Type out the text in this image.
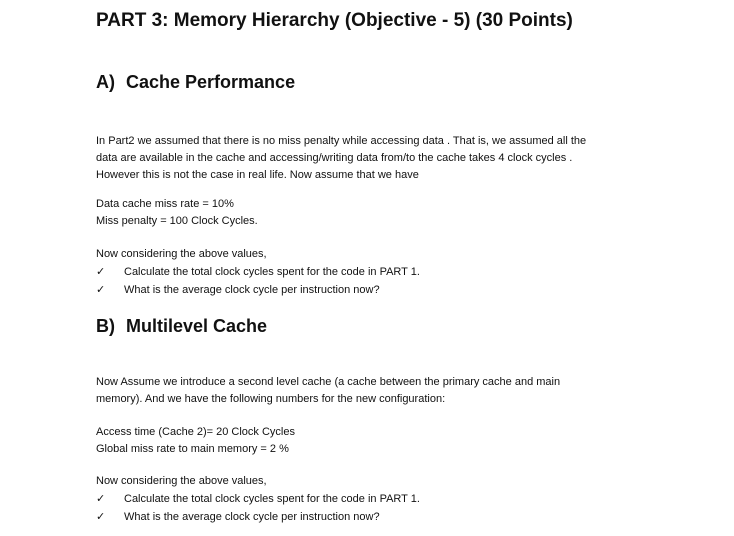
PART 3: Memory Hierarchy (Objective - 5) (30 Points)
A) Cache Performance

In Part2 we assumed that there is no miss penalty while accessing data . That is, we assumed all the
data are available in the cache and accessing/writing data from/to the cache takes 4 clock cycles .
However this is not the case in real life. Now assume that we have

Data cache miss rate = 10%
Miss penalty = 100 Clock Cycles.

Now considering the above values,

✓ Calculate the total clock cycles spent for the code in PART 1.
✓ What is the average clock cycle per instruction now?
B) Multilevel Cache

Now Assume we introduce a second level cache (a cache between the primary cache and main
memory). And we have the following numbers for the new configuration:

Access time (Cache 2)= 20 Clock Cycles
Global miss rate to main memory = 2 %

Now considering the above values,

✓ Calculate the total clock cycles spent for the code in PART 1.
✓ What is the average clock cycle per instruction now?
